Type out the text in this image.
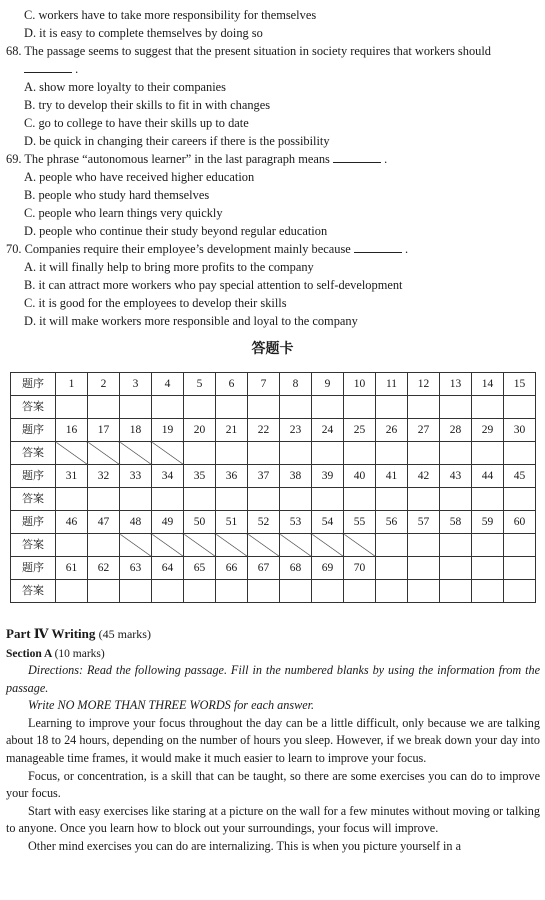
C. workers have to take more responsibility for themselves
D. it is easy to complete themselves by doing so
68. The passage seems to suggest that the present situation in society requires that workers should
.
A. show more loyalty to their companies
B. try to develop their skills to fit in with changes
C. go to college to have their skills up to date
D. be quick in changing their careers if there is the possibility
69. The phrase “autonomous learner” in the last paragraph means	.
A. people who have received higher education
B. people who study hard themselves
C. people who learn things very quickly
D. people who continue their study beyond regular education
70. Companies require their employee’s development mainly because	.
A. it will finally help to bring more profits to the company
B. it can attract more workers who pay special attention to self-development
C. it is good for the employees to develop their skills
D. it will make workers more responsible and loyal to the company
答题卡
题序	1	2	3	4	5	6	7	8	9	10	11	12	13	14	15
答案															
题序	16	17	18	19	20	21	22	23	24	25	26	27	28	29	30
答案															
题序	31	32	33	34	35	36	37	38	39	40	41	42	43	44	45
答案															
题序	46	47	48	49	50	51	52	53	54	55	56	57	58	59	60
答案															
题序	61	62	63	64	65	66	67	68	69	70					
答案															
Part Ⅳ Writing (45 marks)
Section A (10 marks)
Directions: Read the following passage. Fill in the numbered blanks by using the information from the passage.
Write NO MORE THAN THREE WORDS for each answer.
Learning to improve your focus throughout the day can be a little difficult, only because we are talking about 18 to 24 hours, depending on the number of hours you sleep. However, if we break down your day into manageable time frames, it would make it much easier to learn to improve your focus.
Focus, or concentration, is a skill that can be taught, so there are some exercises you can do to improve your focus.
Start with easy exercises like staring at a picture on the wall for a few minutes without moving or talking to anyone. Once you learn how to block out your surroundings, your focus will improve.
Other mind exercises you can do are internalizing. This is when you picture yourself in a
